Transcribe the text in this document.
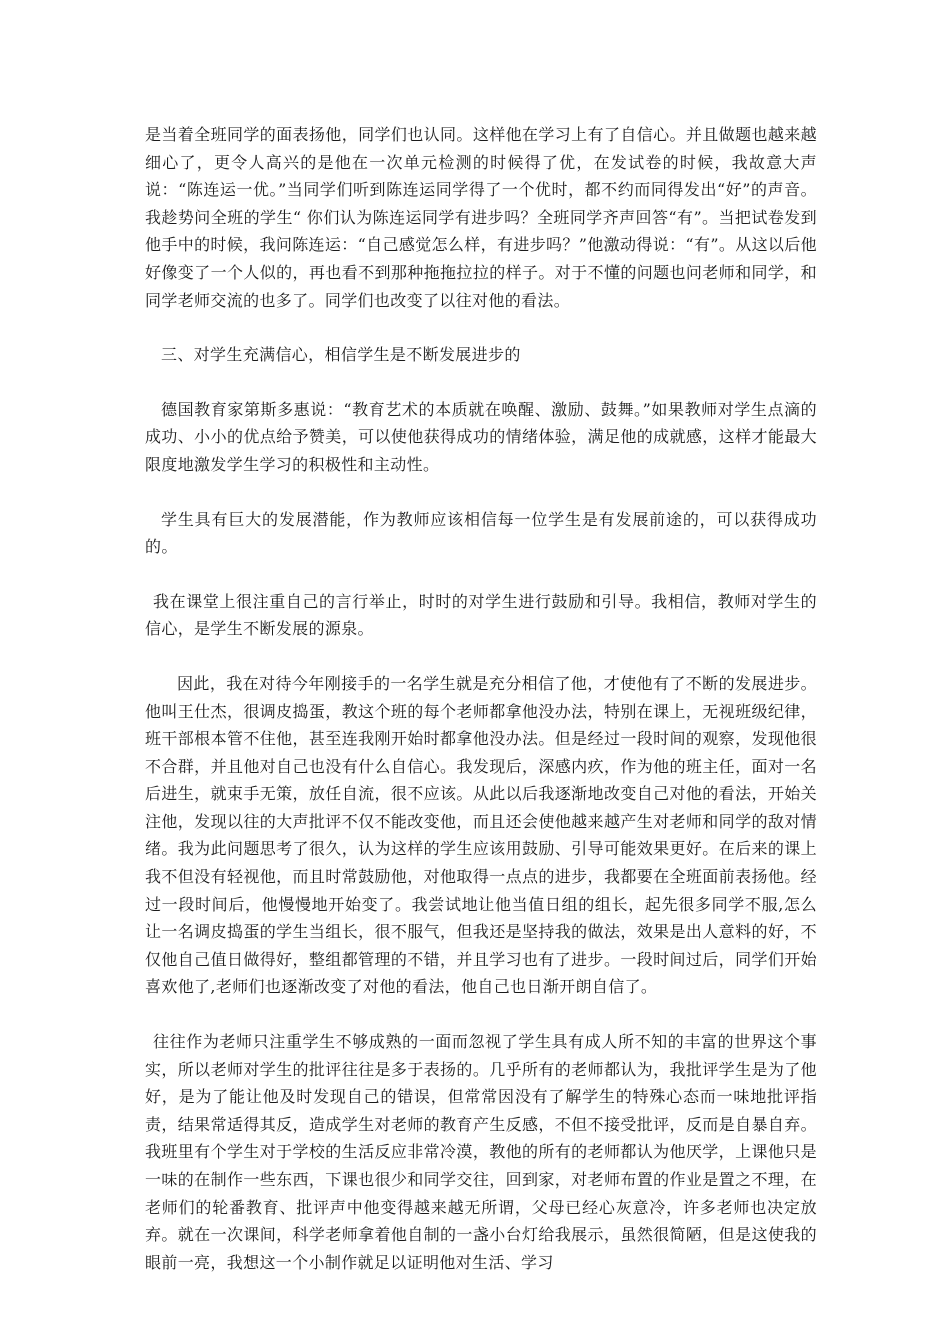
是当着全班同学的面表扬他，同学们也认同。这样他在学习上有了自信心。并且做题也越来越细心了，更令人高兴的是他在一次单元检测的时候得了优，在发试卷的时候，我故意大声说：“陈连运一优。”当同学们听到陈连运同学得了一个优时，都不约而同得发出“好”的声音。我趁势问全班的学生“ 你们认为陈连运同学有进步吗？全班同学齐声回答“有”。当把试卷发到他手中的时候，我问陈连运：“自己感觉怎么样，有进步吗？”他激动得说：“有”。从这以后他好像变了一个人似的，再也看不到那种拖拖拉拉的样子。对于不懂的问题也问老师和同学，和同学老师交流的也多了。同学们也改变了以往对他的看法。

三、对学生充满信心，相信学生是不断发展进步的

德国教育家第斯多惠说：“教育艺术的本质就在唤醒、激励、鼓舞。”如果教师对学生点滴的成功、小小的优点给予赞美，可以使他获得成功的情绪体验，满足他的成就感，这样才能最大限度地激发学生学习的积极性和主动性。

学生具有巨大的发展潜能，作为教师应该相信每一位学生是有发展前途的，可以获得成功的。

我在课堂上很注重自己的言行举止，时时的对学生进行鼓励和引导。我相信，教师对学生的信心，是学生不断发展的源泉。

因此，我在对待今年刚接手的一名学生就是充分相信了他，才使他有了不断的发展进步。他叫王仕杰，很调皮捣蛋，教这个班的每个老师都拿他没办法，特别在课上，无视班级纪律，班干部根本管不住他，甚至连我刚开始时都拿他没办法。但是经过一段时间的观察，发现他很不合群，并且他对自己也没有什么自信心。我发现后，深感内疚，作为他的班主任，面对一名后进生，就束手无策，放任自流，很不应该。从此以后我逐渐地改变自己对他的看法，开始关注他，发现以往的大声批评不仅不能改变他，而且还会使他越来越产生对老师和同学的敌对情绪。我为此问题思考了很久，认为这样的学生应该用鼓励、引导可能效果更好。在后来的课上我不但没有轻视他，而且时常鼓励他，对他取得一点点的进步，我都要在全班面前表扬他。经过一段时间后，他慢慢地开始变了。我尝试地让他当值日组的组长，起先很多同学不服,怎么让一名调皮捣蛋的学生当组长，很不服气，但我还是坚持我的做法，效果是出人意料的好，不仅他自己值日做得好，整组都管理的不错，并且学习也有了进步。一段时间过后，同学们开始喜欢他了,老师们也逐渐改变了对他的看法，他自己也日渐开朗自信了。

往往作为老师只注重学生不够成熟的一面而忽视了学生具有成人所不知的丰富的世界这个事实，所以老师对学生的批评往往是多于表扬的。几乎所有的老师都认为，我批评学生是为了他好，是为了能让他及时发现自己的错误，但常常因没有了解学生的特殊心态而一味地批评指责，结果常适得其反，造成学生对老师的教育产生反感，不但不接受批评，反而是自暴自弃。我班里有个学生对于学校的生活反应非常冷漠，教他的所有的老师都认为他厌学，上课他只是一味的在制作一些东西，下课也很少和同学交往，回到家，对老师布置的作业是置之不理，在老师们的轮番教育、批评声中他变得越来越无所谓，父母已经心灰意冷，许多老师也决定放弃。就在一次课间，科学老师拿着他自制的一盏小台灯给我展示，虽然很简陋，但是这使我的眼前一亮，我想这一个小制作就足以证明他对生活、学习
